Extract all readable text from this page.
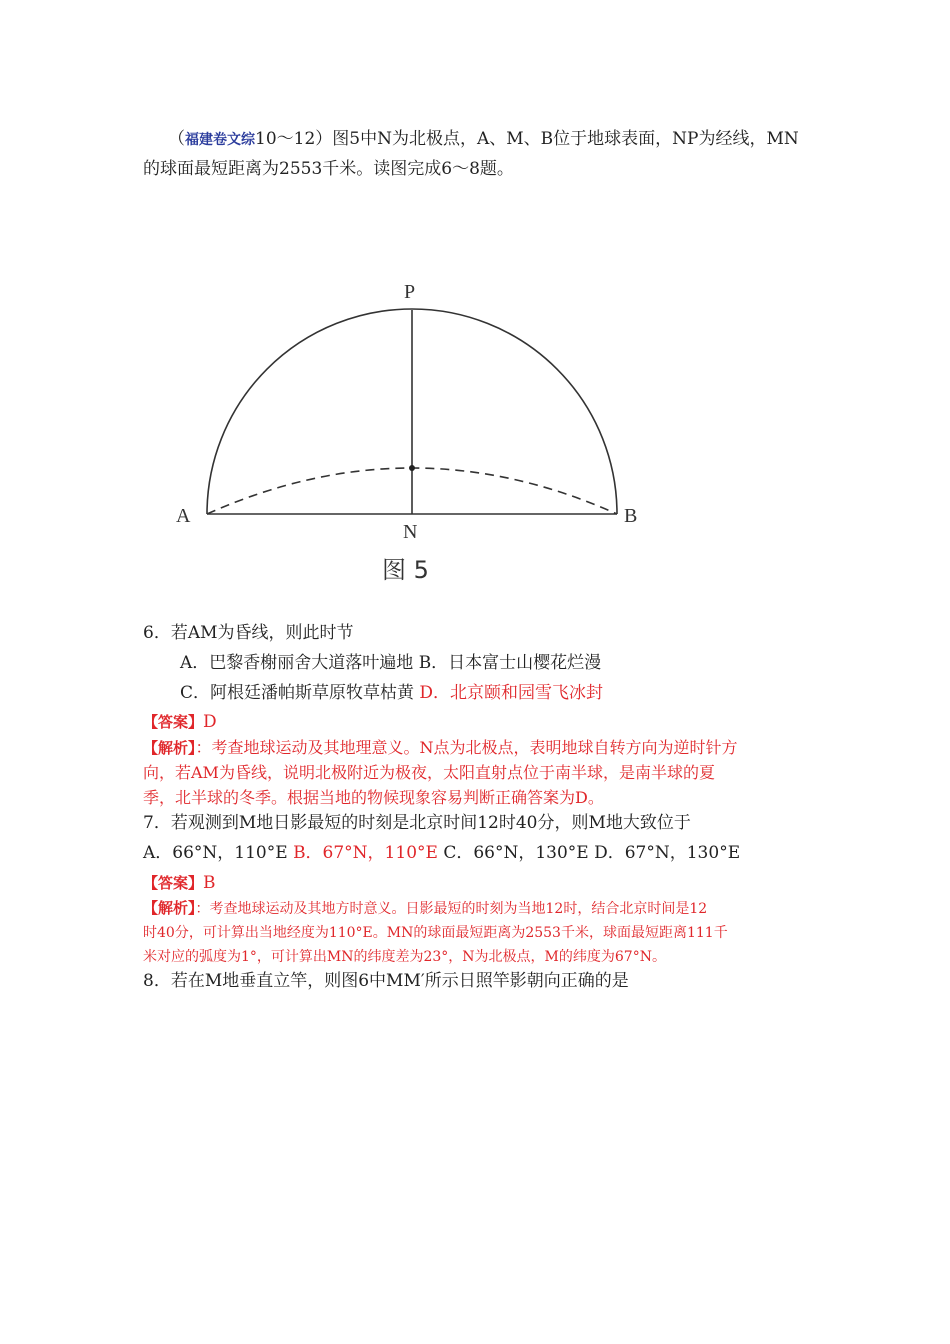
（福建卷文综10～12）图5中N为北极点，A、M、B位于地球表面，NP为经线，MN
的球面最短距离为2553千米。读图完成6～8题。
P
A
N
B
图 5
6．若AM为昏线，则此时节
A．巴黎香榭丽舍大道落叶遍地 B．日本富士山樱花烂漫
C．阿根廷潘帕斯草原牧草枯黄 D．北京颐和园雪飞冰封
【答案】D
【解析】：考查地球运动及其地理意义。N点为北极点，表明地球自转方向为逆时针方
向，若AM为昏线，说明北极附近为极夜，太阳直射点位于南半球，是南半球的夏
季，北半球的冬季。根据当地的物候现象容易判断正确答案为D。
7．若观测到M地日影最短的时刻是北京时间12时40分，则M地大致位于
A．66°N，110°E B．67°N，110°E C．66°N，130°E D．67°N，130°E
【答案】B
【解析】：考查地球运动及其地方时意义。日影最短的时刻为当地12时，结合北京时间是12
时40分，可计算出当地经度为110°E。MN的球面最短距离为2553千米，球面最短距离111千
米对应的弧度为1°，可计算出MN的纬度差为23°，N为北极点，M的纬度为67°N。
8．若在M地垂直立竿，则图6中MM′所示日照竿影朝向正确的是
